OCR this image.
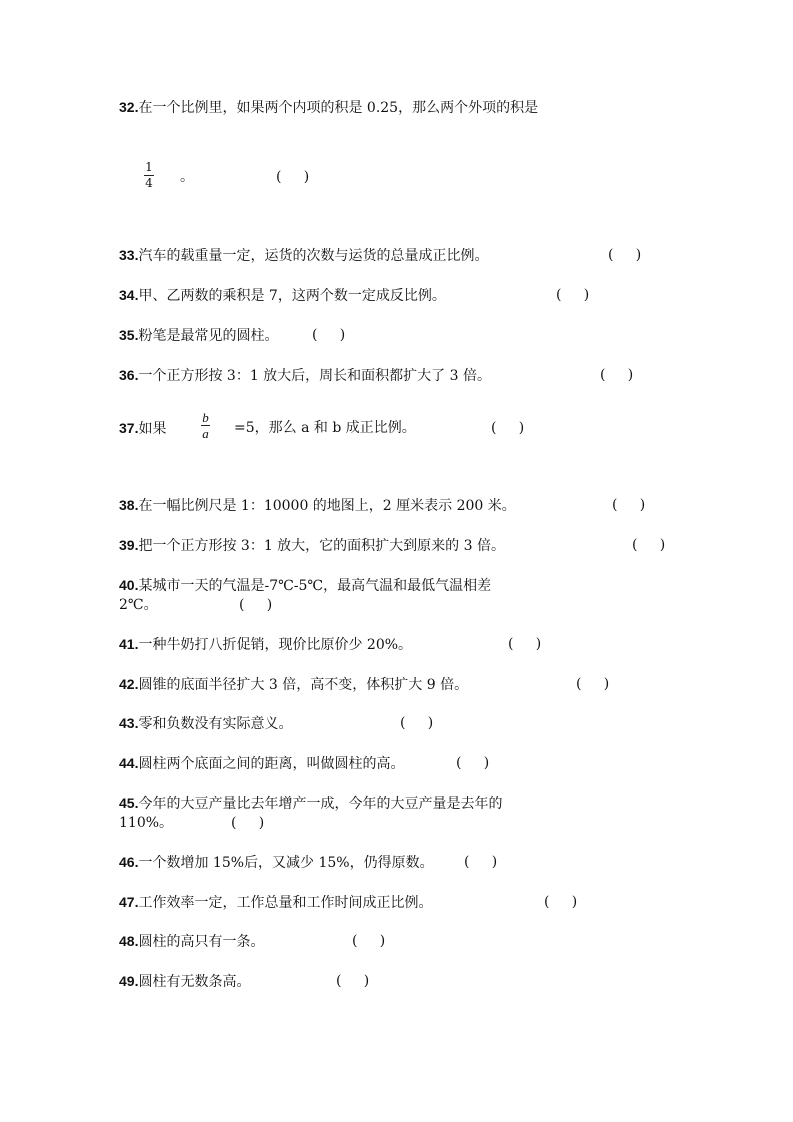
32.在一个比例里，如果两个内项的积是 0.25，那么两个外项的积是
1
4 。	(     )
33.汽车的载重量一定，运货的次数与运货的总量成正比例。	(     )
34.甲、乙两数的乘积是 7，这两个数一定成反比例。	(     )
35.粉笔是最常见的圆柱。 (     )
36.一个正方形按 3：1 放大后，周长和面积都扩大了 3 倍。	(     )
37.如果
b
a =5，那么 a 和 b 成正比例。	(     )
38.在一幅比例尺是 1：10000 的地图上，2 厘米表示 200 米。	(     )
39.把一个正方形按 3：1 放大，它的面积扩大到原来的 3 倍。	(     )
40.某城市一天的气温是-7℃-5℃，最高气温和最低气温相差
2℃。	(     )
41.一种牛奶打八折促销，现价比原价少 20%。	(     )
42.圆锥的底面半径扩大 3 倍，高不变，体积扩大 9 倍。	(     )
43.零和负数没有实际意义。	(     )
44.圆柱两个底面之间的距离，叫做圆柱的高。	(     )
45.今年的大豆产量比去年增产一成，今年的大豆产量是去年的
110%。	(     )
46.一个数增加 15%后，又减少 15%，仍得原数。 (     )
47.工作效率一定，工作总量和工作时间成正比例。	(     )
48.圆柱的高只有一条。	(     )
49.圆柱有无数条高。	(     )
